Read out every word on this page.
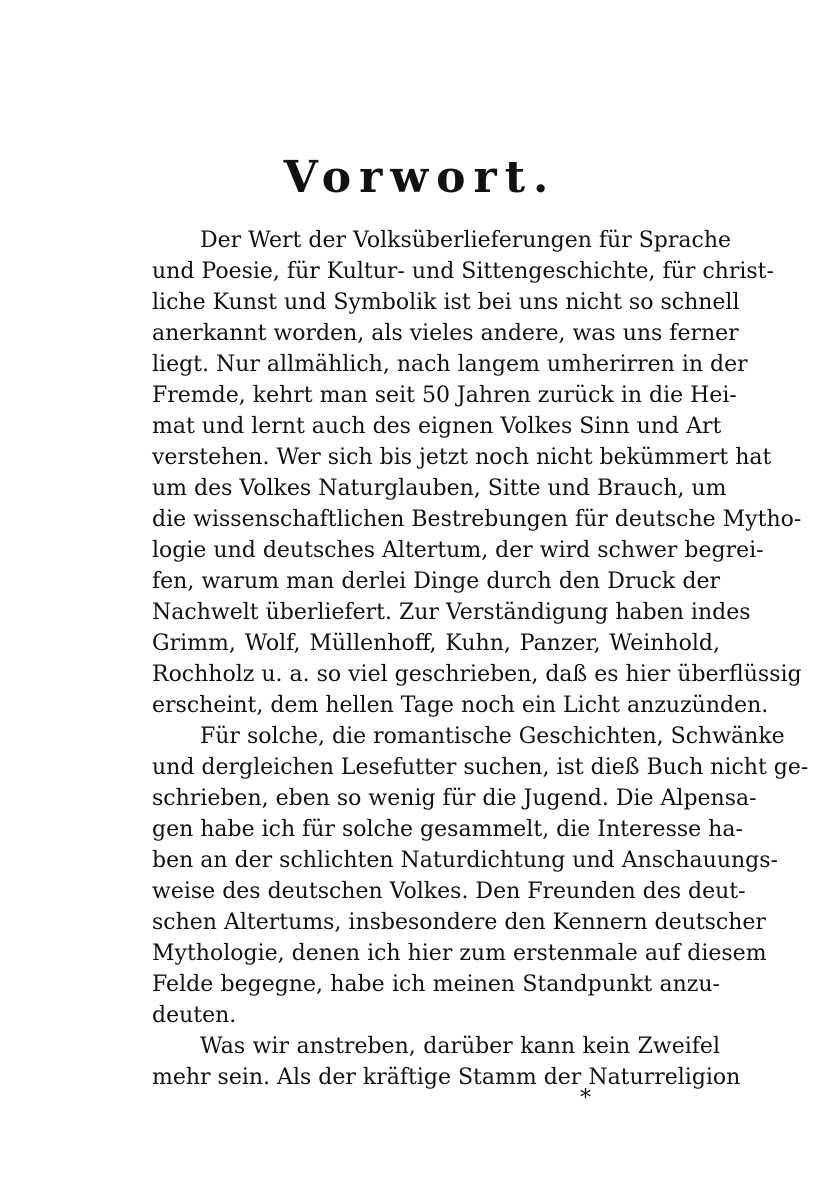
Vorwort.
Der Wert der Volksüberlieferungen für Sprache
und Poesie, für Kultur- und Sittengeschichte, für christ-
liche Kunst und Symbolik ist bei uns nicht so schnell
anerkannt worden, als vieles andere, was uns ferner
liegt. Nur allmählich, nach langem umherirren in der
Fremde, kehrt man seit 50 Jahren zurück in die Hei-
mat und lernt auch des eignen Volkes Sinn und Art
verstehen. Wer sich bis jetzt noch nicht bekümmert hat
um des Volkes Naturglauben, Sitte und Brauch, um
die wissenschaftlichen Bestrebungen für deutsche Mytho-
logie und deutsches Altertum, der wird schwer begrei-
fen, warum man derlei Dinge durch den Druck der
Nachwelt überliefert. Zur Verständigung haben indes
Grimm, Wolf, Müllenhoff, Kuhn, Panzer, Weinhold,
Rochholz u. a. so viel geschrieben, daß es hier überflüssig
erscheint, dem hellen Tage noch ein Licht anzuzünden.
Für solche, die romantische Geschichten, Schwänke
und dergleichen Lesefutter suchen, ist dieß Buch nicht ge-
schrieben, eben so wenig für die Jugend. Die Alpensa-
gen habe ich für solche gesammelt, die Interesse ha-
ben an der schlichten Naturdichtung und Anschauungs-
weise des deutschen Volkes. Den Freunden des deut-
schen Altertums, insbesondere den Kennern deutscher
Mythologie, denen ich hier zum erstenmale auf diesem
Felde begegne, habe ich meinen Standpunkt anzu-
deuten.
Was wir anstreben, darüber kann kein Zweifel
mehr sein. Als der kräftige Stamm der Naturreligion
*
